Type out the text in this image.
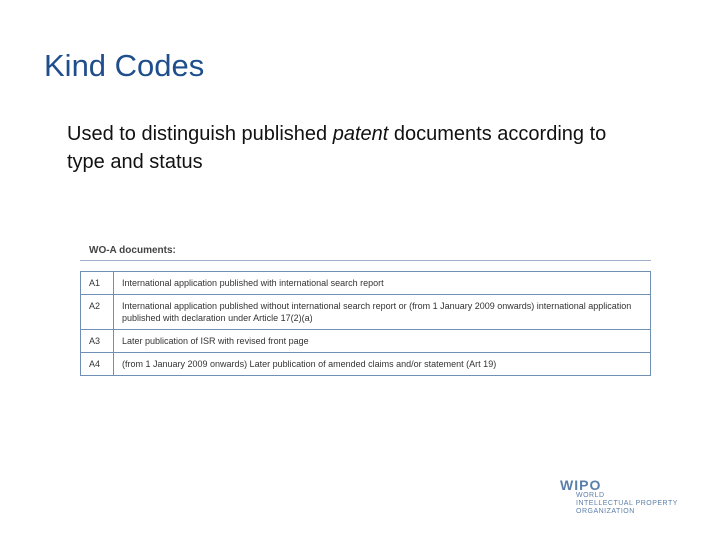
Kind Codes
Used to distinguish published patent documents according to type and status
WO-A documents:
A1	International application published with international search report
A2	International application published without international search report or (from 1 January 2009 onwards) international application published with declaration under Article 17(2)(a)
A3	Later publication of ISR with revised front page
A4	(from 1 January 2009 onwards) Later publication of amended claims and/or statement (Art 19)
WIPO
WORLD
INTELLECTUAL PROPERTY
ORGANIZATION
